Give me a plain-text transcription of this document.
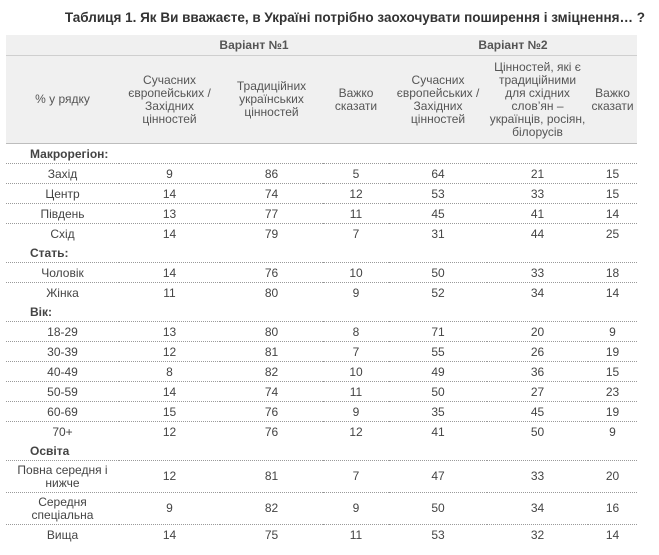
Таблиця 1. Як Ви вважаєте, в Україні потрібно заохочувати поширення і зміцнення… ?
	Варіант №1			Варіант №2		
% у рядку	Сучасних європейських / Західних цінностей	Традиційних українських цінностей	Важко сказати	Сучасних європейських / Західних цінностей	Цінностей, які є традиційними для східних слов’ян – українців, росіян, білорусів	Важко сказати
Макрорегіон:						
Захід	9	86	5	64	21	15
Центр	14	74	12	53	33	15
Південь	13	77	11	45	41	14
Схід	14	79	7	31	44	25
Стать:						
Чоловік	14	76	10	50	33	18
Жінка	11	80	9	52	34	14
Вік:						
18-29	13	80	8	71	20	9
30-39	12	81	7	55	26	19
40-49	8	82	10	49	36	15
50-59	14	74	11	50	27	23
60-69	15	76	9	35	45	19
70+	12	76	12	41	50	9
Освіта						
Повна середня і нижче	12	81	7	47	33	20
Середня спеціальна	9	82	9	50	34	16
Вища	14	75	11	53	32	14
